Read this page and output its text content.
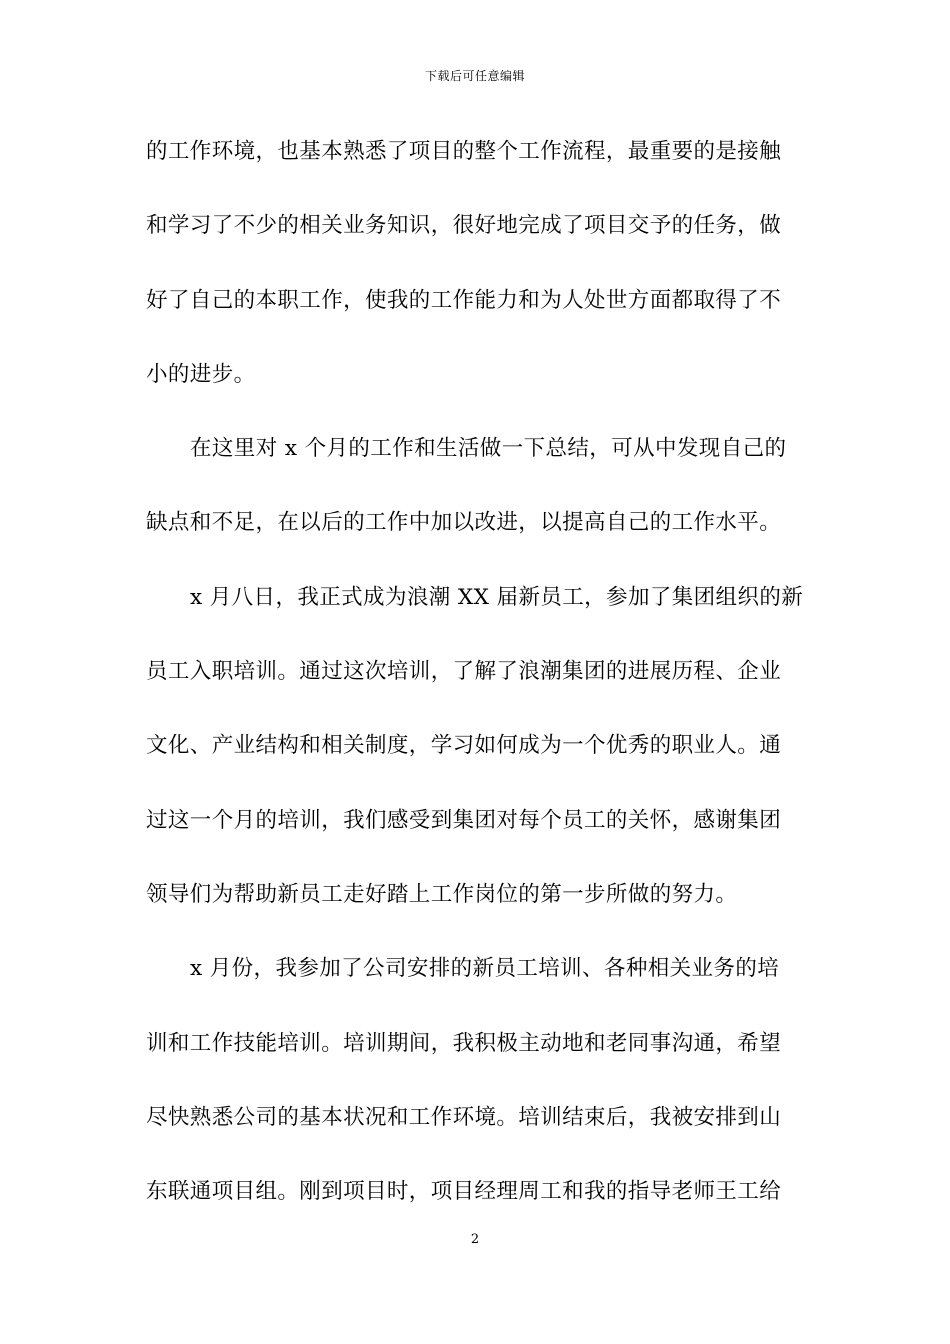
下载后可任意编辑
的工作环境，也基本熟悉了项目的整个工作流程，最重要的是接触
和学习了不少的相关业务知识，很好地完成了项目交予的任务，做
好了自己的本职工作，使我的工作能力和为人处世方面都取得了不
小的进步。
在这里对 x 个月的工作和生活做一下总结，可从中发现自己的
缺点和不足，在以后的工作中加以改进，以提高自己的工作水平。
x 月八日，我正式成为浪潮 XX 届新员工，参加了集团组织的新
员工入职培训。通过这次培训，了解了浪潮集团的进展历程、企业
文化、产业结构和相关制度，学习如何成为一个优秀的职业人。通
过这一个月的培训，我们感受到集团对每个员工的关怀，感谢集团
领导们为帮助新员工走好踏上工作岗位的第一步所做的努力。
x 月份，我参加了公司安排的新员工培训、各种相关业务的培
训和工作技能培训。培训期间，我积极主动地和老同事沟通，希望
尽快熟悉公司的基本状况和工作环境。培训结束后，我被安排到山
东联通项目组。刚到项目时，项目经理周工和我的指导老师王工给
2
